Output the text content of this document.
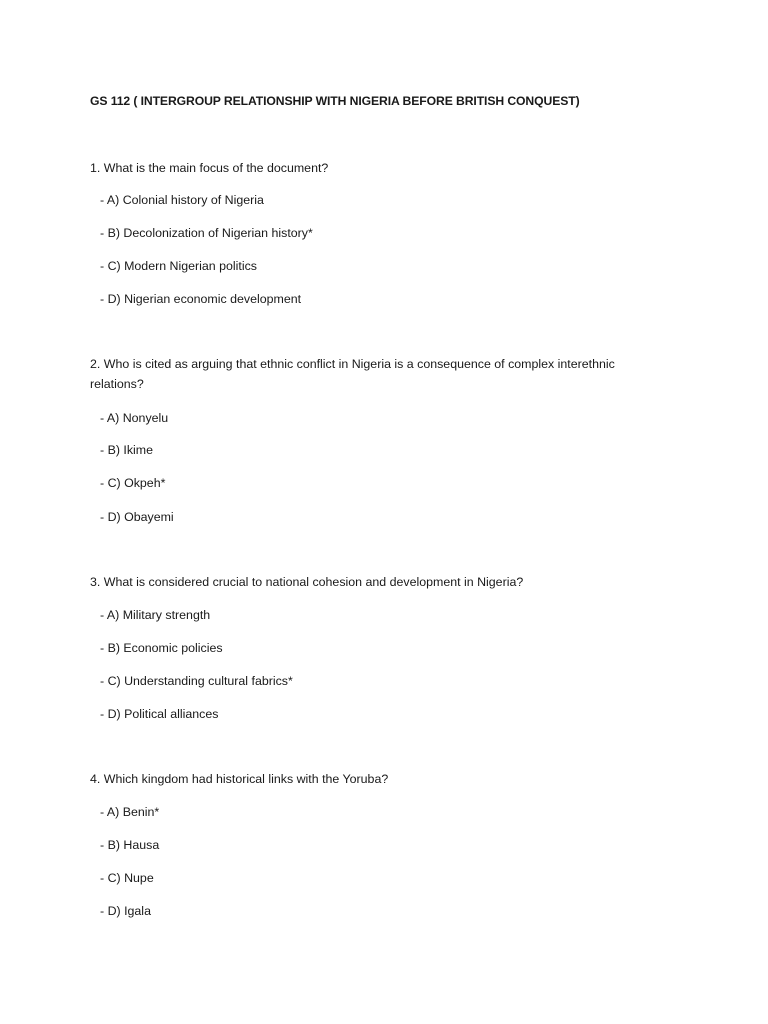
GS 112 ( INTERGROUP RELATIONSHIP WITH NIGERIA BEFORE BRITISH CONQUEST)
1. What is the main focus of the document?
- A) Colonial history of Nigeria
- B) Decolonization of Nigerian history*
- C) Modern Nigerian politics
- D) Nigerian economic development
2. Who is cited as arguing that ethnic conflict in Nigeria is a consequence of complex interethnic relations?
- A) Nonyelu
- B) Ikime
- C) Okpeh*
- D) Obayemi
3. What is considered crucial to national cohesion and development in Nigeria?
- A) Military strength
- B) Economic policies
- C) Understanding cultural fabrics*
- D) Political alliances
4. Which kingdom had historical links with the Yoruba?
- A) Benin*
- B) Hausa
- C) Nupe
- D) Igala
